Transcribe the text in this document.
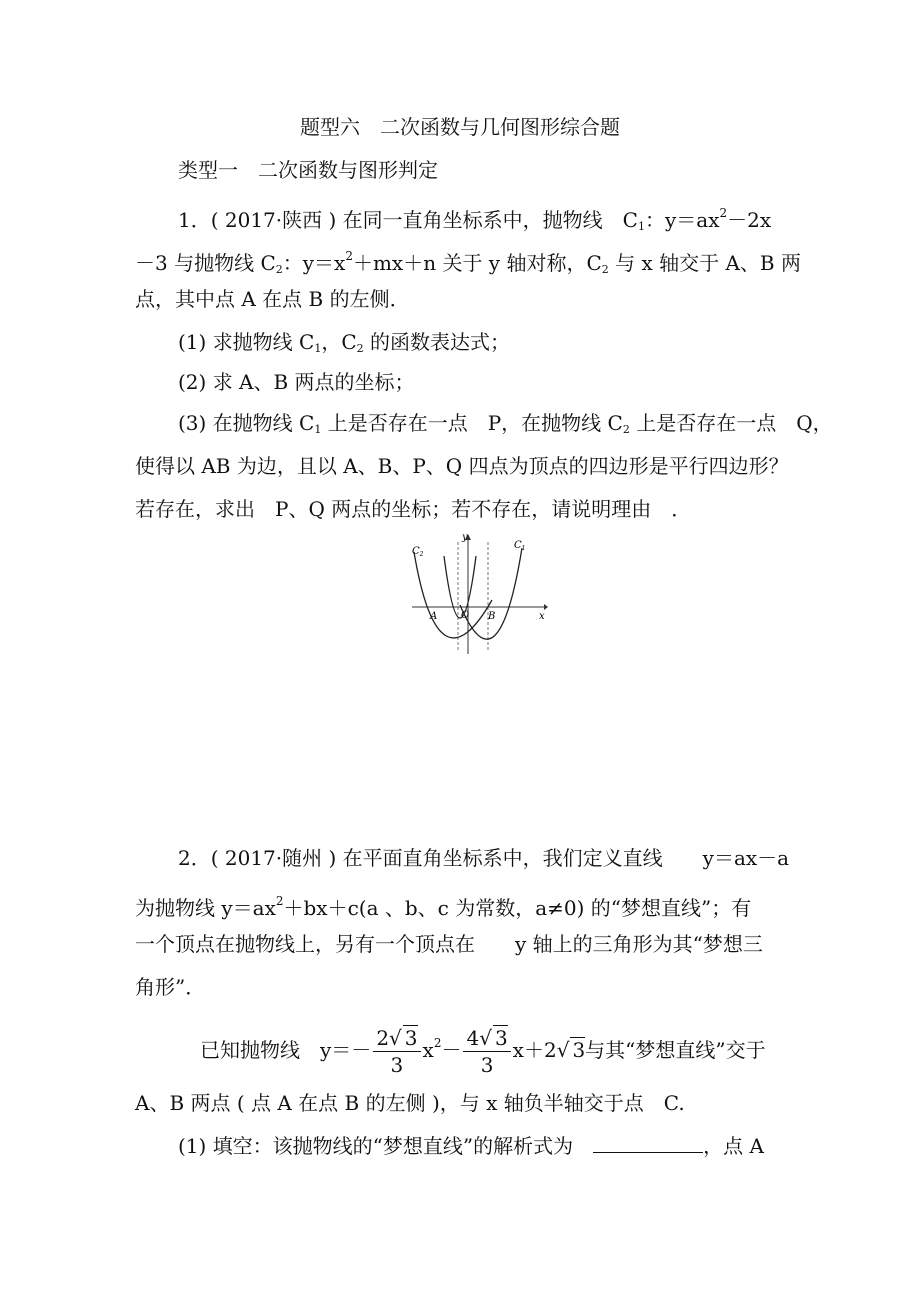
题型六　二次函数与几何图形综合题
类型一　二次函数与图形判定
1．( 2017·陕西 ) 在同一直角坐标系中，抛物线　$C_1$：$y=ax^2-2x$
－3 与抛物线 $C_2$：$y=x^2+mx+n$ 关于 y 轴对称，$C_2$ 与 x 轴交于 A、B 两
点，其中点 A 在点 B 的左侧．
(1) 求抛物线 $C_1$，$C_2$ 的函数表达式；
(2) 求 A、B 两点的坐标；
(3) 在抛物线 $C_1$ 上是否存在一点　P，在抛物线 $C_2$ 上是否存在一点　Q，
使得以 AB 为边，且以 A、B、P、Q 四点为顶点的四边形是平行四边形？
若存在，求出　P、Q 两点的坐标；若不存在，请说明理由　．
$C_2$
$C_1$
y
x
O
A	B
2．( 2017·随州 ) 在平面直角坐标系中，我们定义直线　　y＝ax－a
为抛物线 $y=ax^2+bx+c(a$ 、b、c 为常数，a≠0) 的“梦想直线”；有
一个顶点在抛物线上，另有一个顶点在　　y 轴上的三角形为其“梦想三
角形”．
已知抛物线　$y=- \frac{2√ 3}{3} x^2- \frac{4√ 3}{3} x+2√$ 3与其“梦想直线”交于
A、B 两点 ( 点 A 在点 B 的左侧 )，与 x 轴负半轴交于点　C.
(1) 填空：该抛物线的“梦想直线”的解析式为　	，点 A
